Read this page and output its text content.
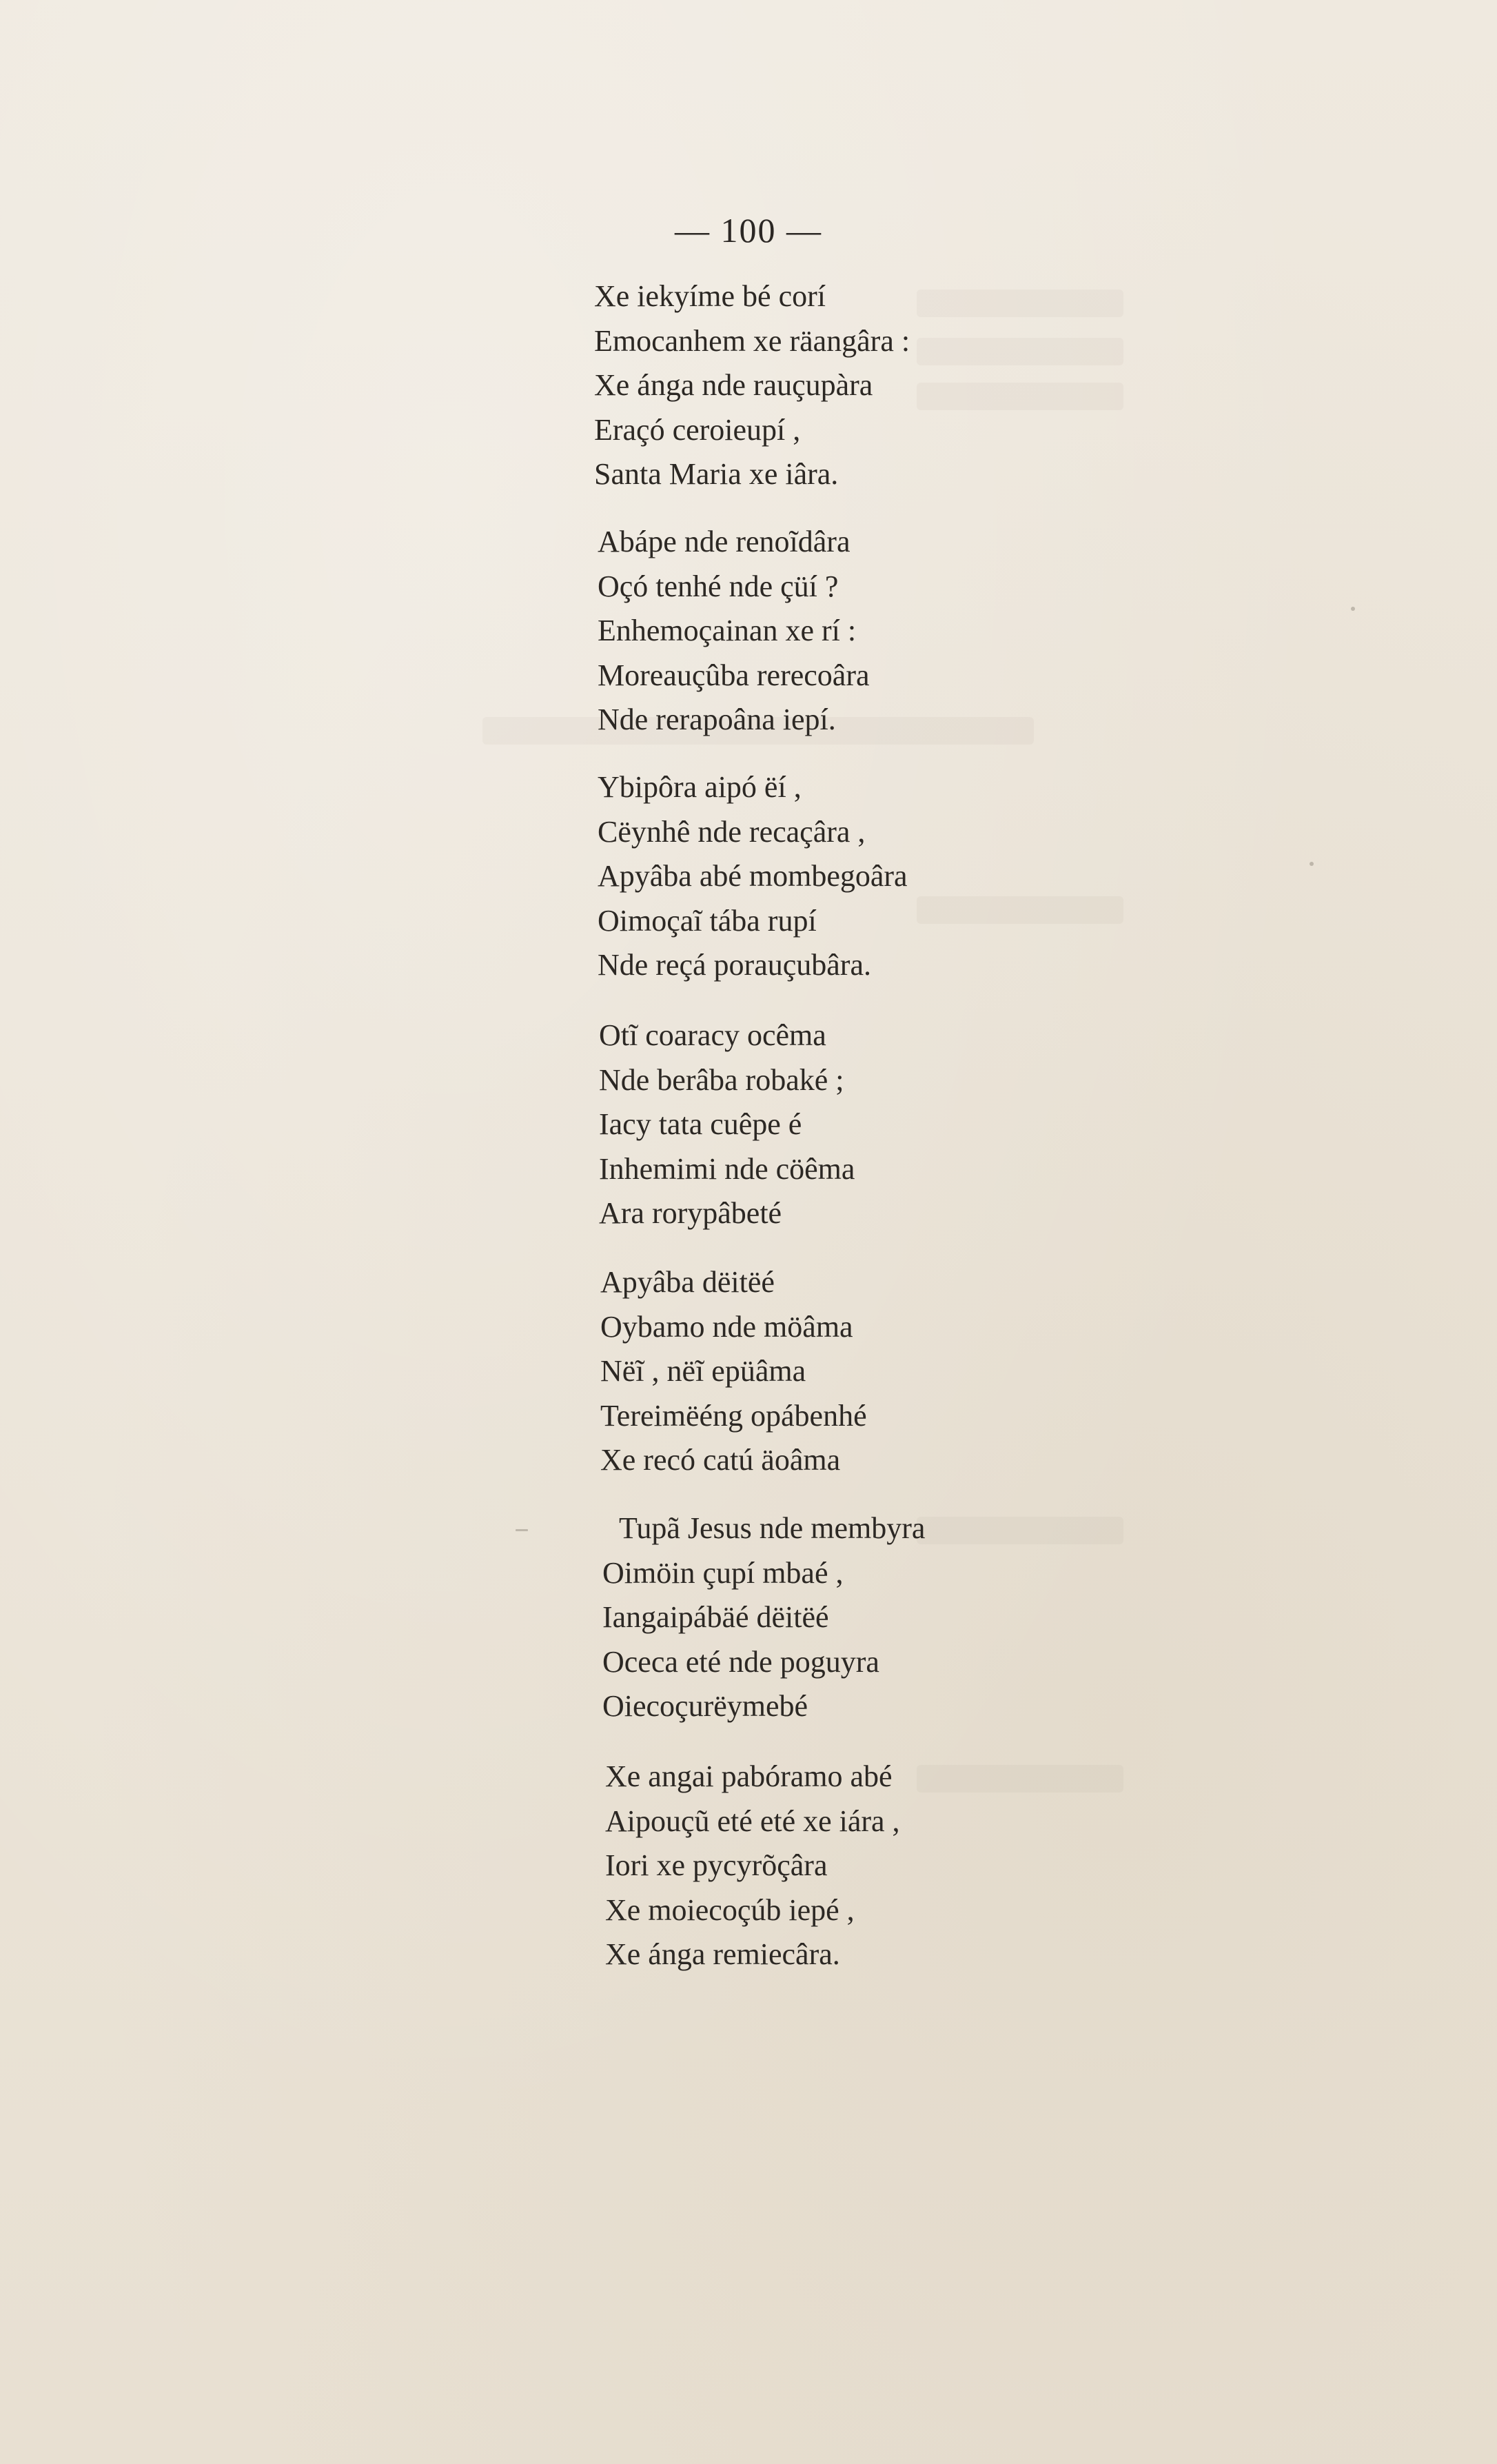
— 100 —
Xe iekyíme bé corí
Emocanhem xe räangâra :
Xe ánga nde rauçupàra
Eraçó ceroieupí ,
Santa Maria xe iâra.
Abápe nde renoĩdâra
Oçó tenhé nde çüí ?
Enhemoçainan xe rí :
Moreauçûba rerecoâra
Nde rerapoâna iepí.
Ybipôra aipó ëí ,
Cëynhê nde recaçâra ,
Apyâba abé mombegoâra
Oimoçaĩ tába rupí
Nde reçá porauçubâra.
Otĩ coaracy ocêma
Nde berâba robaké ;
Iacy tata cuêpe é
Inhemimi nde cöêma
Ara rorypâbeté
Apyâba dëitëé
Oybamo nde möâma
Nëĩ , nëĩ epüâma
Tereimëéng opábenhé
Xe recó catú äoâma
Tupã Jesus nde membyra
Oimöin çupí mbaé ,
Iangaipábäé dëitëé
Oceca eté nde poguyra
Oiecoçurëymebé
Xe angai pabóramo abé
Aipouçũ eté eté xe iára ,
Iori xe pycyrõçâra
Xe moiecoçúb iepé ,
Xe ánga remiecâra.
